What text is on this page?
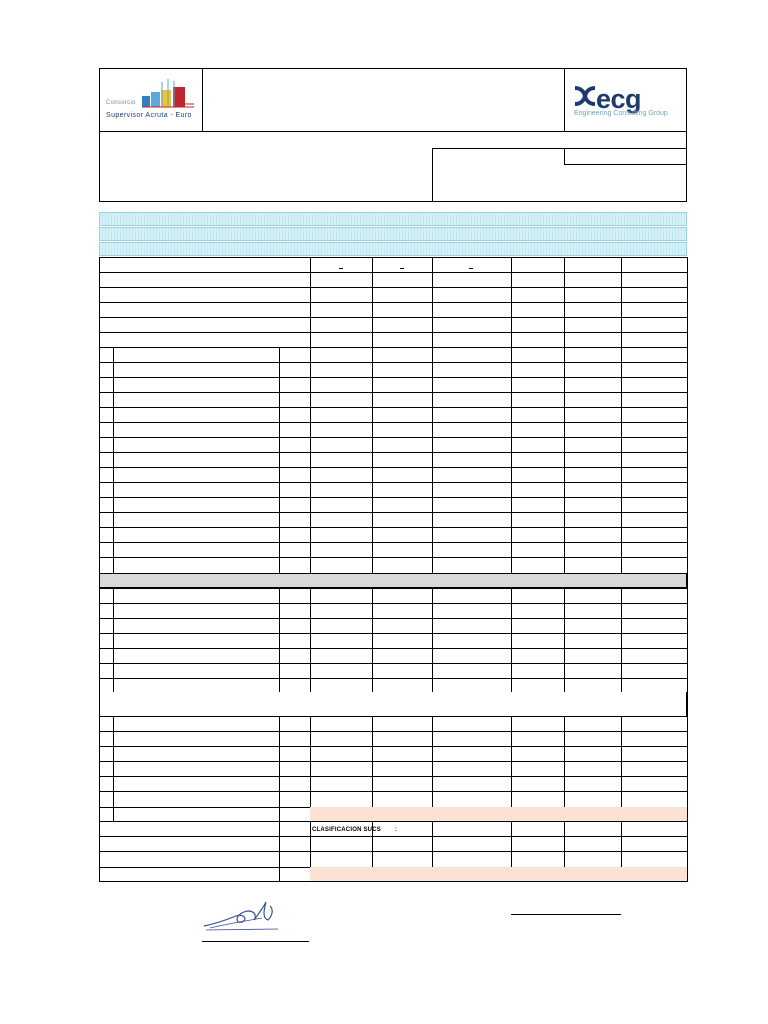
Consorcio
Supervisor Acruta - Euro
ecg
Engineering Consulting Group
CLASIFICACION SUCS :
